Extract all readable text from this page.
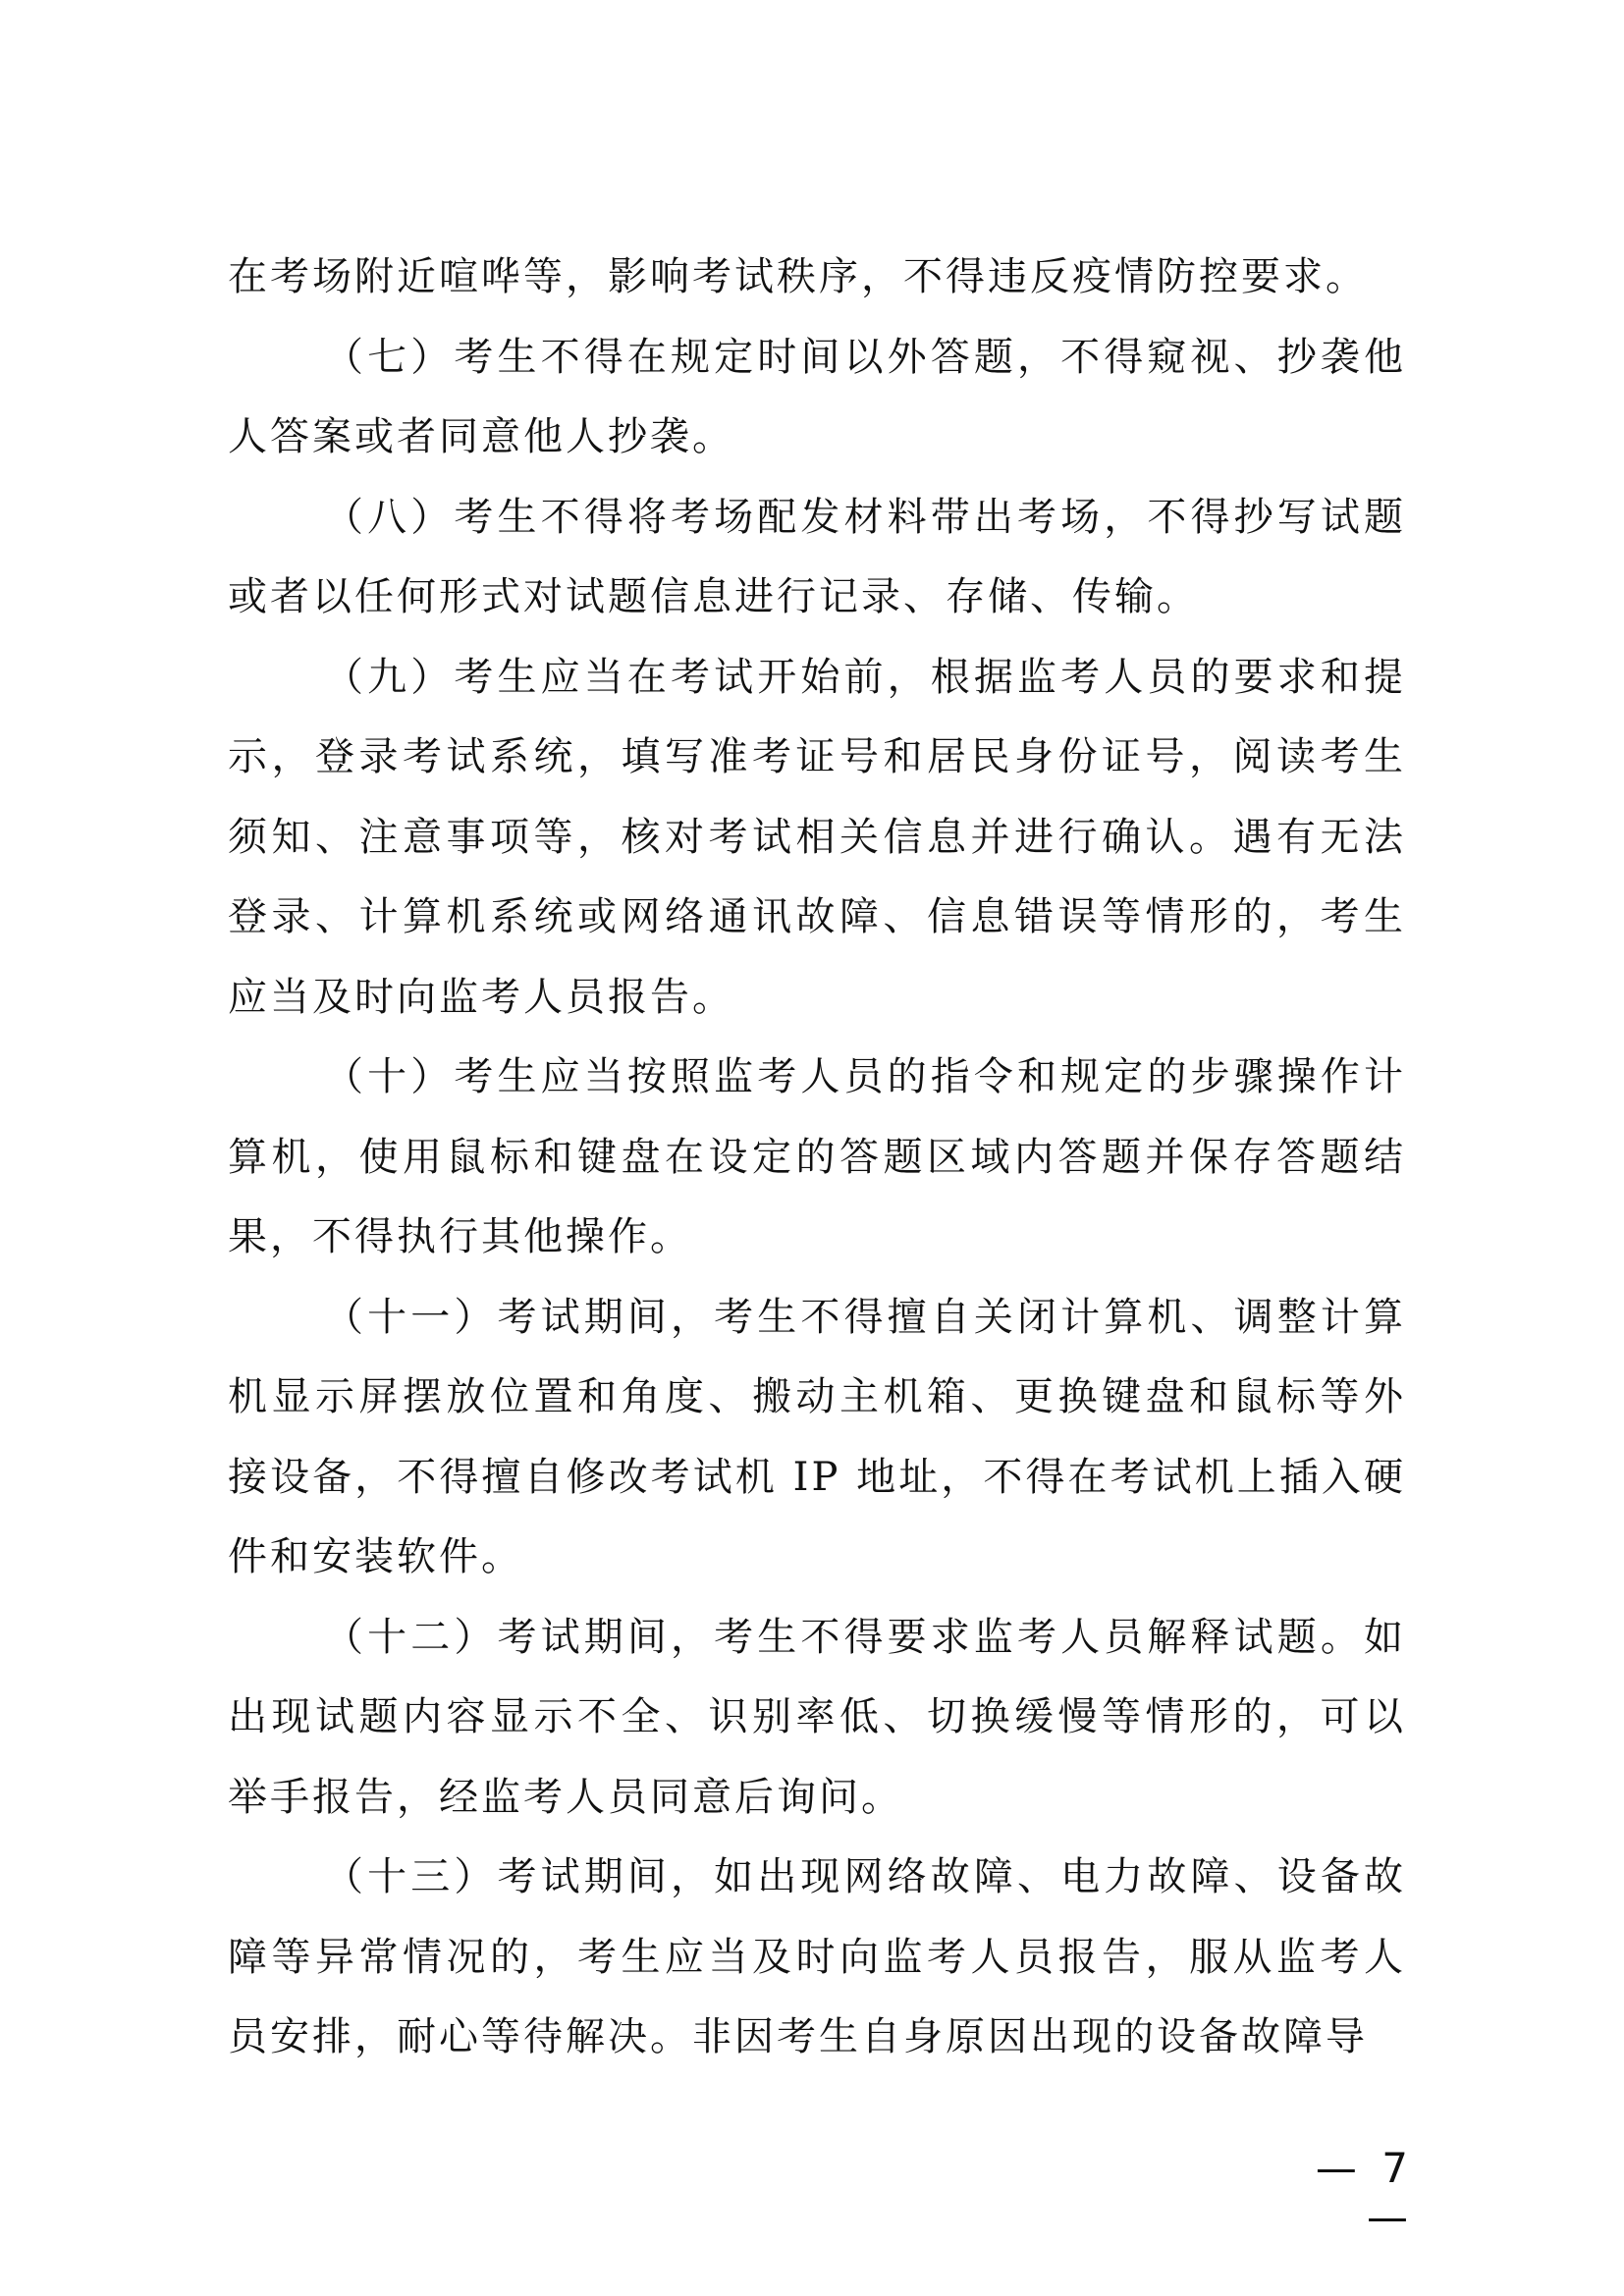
在考场附近喧哗等，影响考试秩序，不得违反疫情防控要求。

（七）考生不得在规定时间以外答题，不得窥视、抄袭他人答案或者同意他人抄袭。

（八）考生不得将考场配发材料带出考场，不得抄写试题或者以任何形式对试题信息进行记录、存储、传输。

（九）考生应当在考试开始前，根据监考人员的要求和提示，登录考试系统，填写准考证号和居民身份证号，阅读考生须知、注意事项等，核对考试相关信息并进行确认。遇有无法登录、计算机系统或网络通讯故障、信息错误等情形的，考生应当及时向监考人员报告。

（十）考生应当按照监考人员的指令和规定的步骤操作计算机，使用鼠标和键盘在设定的答题区域内答题并保存答题结果，不得执行其他操作。

（十一）考试期间，考生不得擅自关闭计算机、调整计算机显示屏摆放位置和角度、搬动主机箱、更换键盘和鼠标等外接设备，不得擅自修改考试机 IP 地址，不得在考试机上插入硬件和安装软件。

（十二）考试期间，考生不得要求监考人员解释试题。如出现试题内容显示不全、识别率低、切换缓慢等情形的，可以举手报告，经监考人员同意后询问。

（十三）考试期间，如出现网络故障、电力故障、设备故障等异常情况的，考生应当及时向监考人员报告，服从监考人员安排，耐心等待解决。非因考生自身原因出现的设备故障导

— 7 —
